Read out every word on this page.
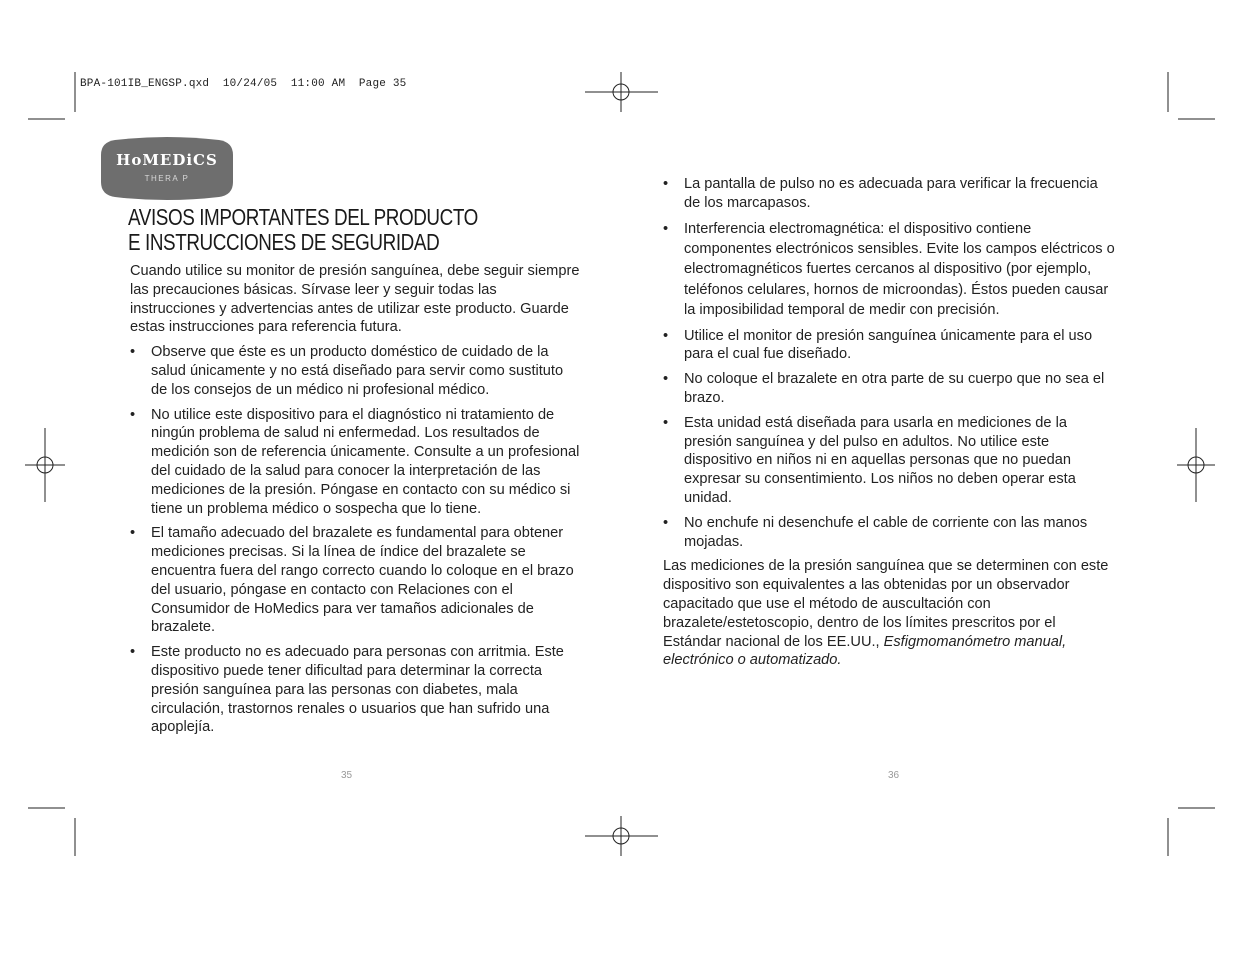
BPA-101IB_ENGSP.qxd  10/24/05  11:00 AM  Page 35
HoMEDiCS
THERA P
AVISOS IMPORTANTES DEL PRODUCTO
E INSTRUCCIONES DE SEGURIDAD

Cuando utilice su monitor de presión sanguínea, debe seguir siempre las precauciones básicas. Sírvase leer y seguir todas las instrucciones y advertencias antes de utilizar este producto. Guarde estas instrucciones para referencia futura.

• Observe que éste es un producto doméstico de cuidado de la salud únicamente y no está diseñado para servir como sustituto de los consejos de un médico ni profesional médico.
• No utilice este dispositivo para el diagnóstico ni tratamiento de ningún problema de salud ni enfermedad. Los resultados de medición son de referencia únicamente. Consulte a un profesional del cuidado de la salud para conocer la interpretación de las mediciones de la presión. Póngase en contacto con su médico si tiene un problema médico o sospecha que lo tiene.
• El tamaño adecuado del brazalete es fundamental para obtener mediciones precisas. Si la línea de índice del brazalete se encuentra fuera del rango correcto cuando lo coloque en el brazo del usuario, póngase en contacto con Relaciones con el Consumidor de HoMedics para ver tamaños adicionales de brazalete.
• Este producto no es adecuado para personas con arritmia. Este dispositivo puede tener dificultad para determinar la correcta presión sanguínea para las personas con diabetes, mala circulación, trastornos renales o usuarios que han sufrido una apoplejía.
• La pantalla de pulso no es adecuada para verificar la frecuencia de los marcapasos.
• Interferencia electromagnética: el dispositivo contiene componentes electrónicos sensibles. Evite los campos eléctricos o electromagnéticos fuertes cercanos al dispositivo (por ejemplo, teléfonos celulares, hornos de microondas). Éstos pueden causar la imposibilidad temporal de medir con precisión.
• Utilice el monitor de presión sanguínea únicamente para el uso para el cual fue diseñado.
• No coloque el brazalete en otra parte de su cuerpo que no sea el brazo.
• Esta unidad está diseñada para usarla en mediciones de la presión sanguínea y del pulso en adultos. No utilice este dispositivo en niños ni en aquellas personas que no puedan expresar su consentimiento. Los niños no deben operar esta unidad.
• No enchufe ni desenchufe el cable de corriente con las manos mojadas.

Las mediciones de la presión sanguínea que se determinen con este dispositivo son equivalentes a las obtenidas por un observador capacitado que use el método de auscultación con brazalete/estetoscopio, dentro de los límites prescritos por el Estándar nacional de los EE.UU., Esfigmomanómetro manual, electrónico o automatizado.

35	36
